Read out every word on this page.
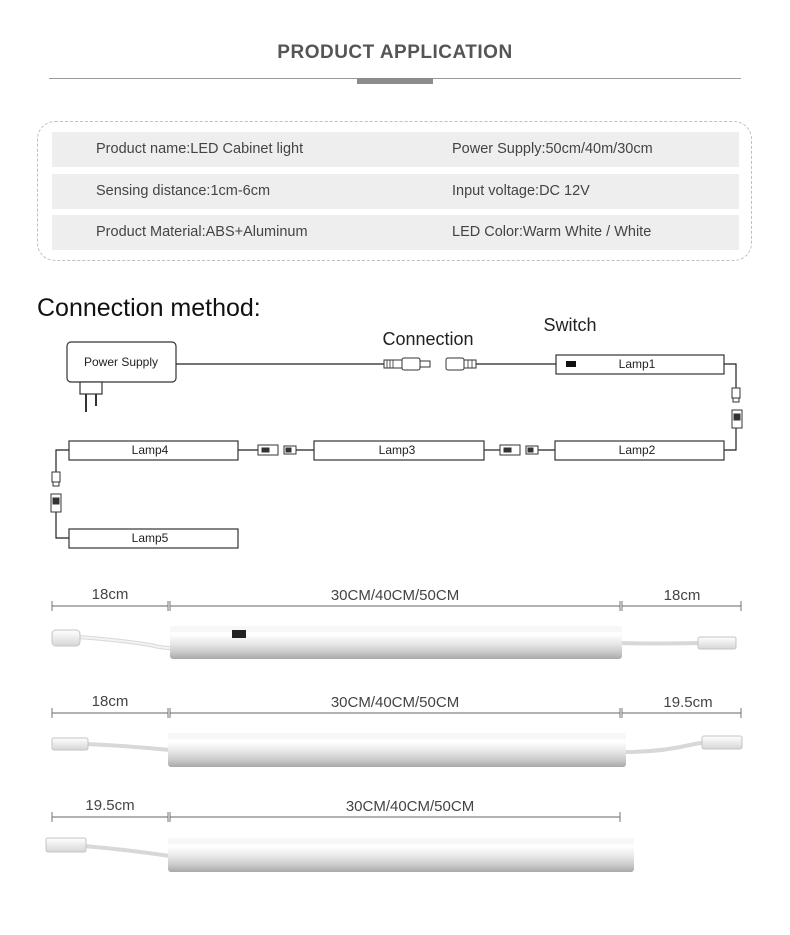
PRODUCT APPLICATION
Product name:LED Cabinet light	Power Supply:50cm/40m/30cm
Sensing distance:1cm-6cm	Input voltage:DC 12V
Product Material:ABS+Aluminum	LED Color:Warm White / White
Connection method:
Power Supply
Connection
Switch
Lamp1
Lamp2
Lamp3
Lamp4
Lamp5
18cm	30CM/40CM/50CM	18cm
18cm	30CM/40CM/50CM	19.5cm
19.5cm	30CM/40CM/50CM
